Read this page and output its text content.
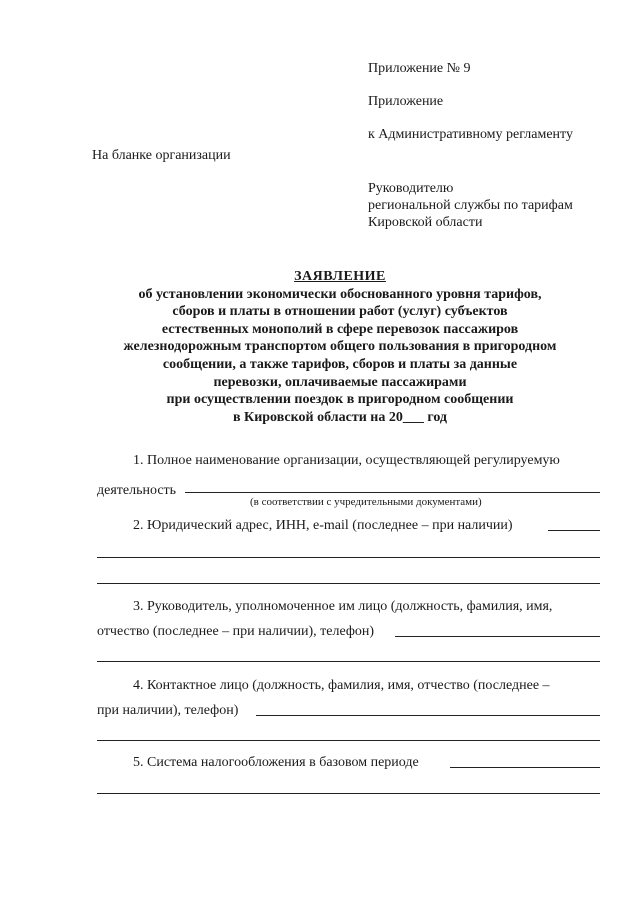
Приложение № 9
Приложение
к Административному регламенту
На бланке организации
Руководителю
региональной службы по тарифам
Кировской области
ЗАЯВЛЕНИЕ
об установлении экономически обоснованного уровня тарифов,
сборов и платы в отношении работ (услуг) субъектов
естественных монополий в сфере перевозок пассажиров
железнодорожным транспортом общего пользования в пригородном
сообщении, а также тарифов, сборов и платы за данные
перевозки, оплачиваемые пассажирами
при осуществлении поездок в пригородном сообщении
в Кировской области на 20___ год
1. Полное наименование организации, осуществляющей регулируемую
деятельность
(в соответствии с учредительными документами)
2. Юридический адрес, ИНН, e-mail (последнее – при наличии)
3. Руководитель, уполномоченное им лицо (должность, фамилия, имя,
отчество (последнее – при наличии), телефон)
4. Контактное лицо (должность, фамилия, имя, отчество (последнее –
при наличии), телефон)
5. Система налогообложения в базовом периоде
